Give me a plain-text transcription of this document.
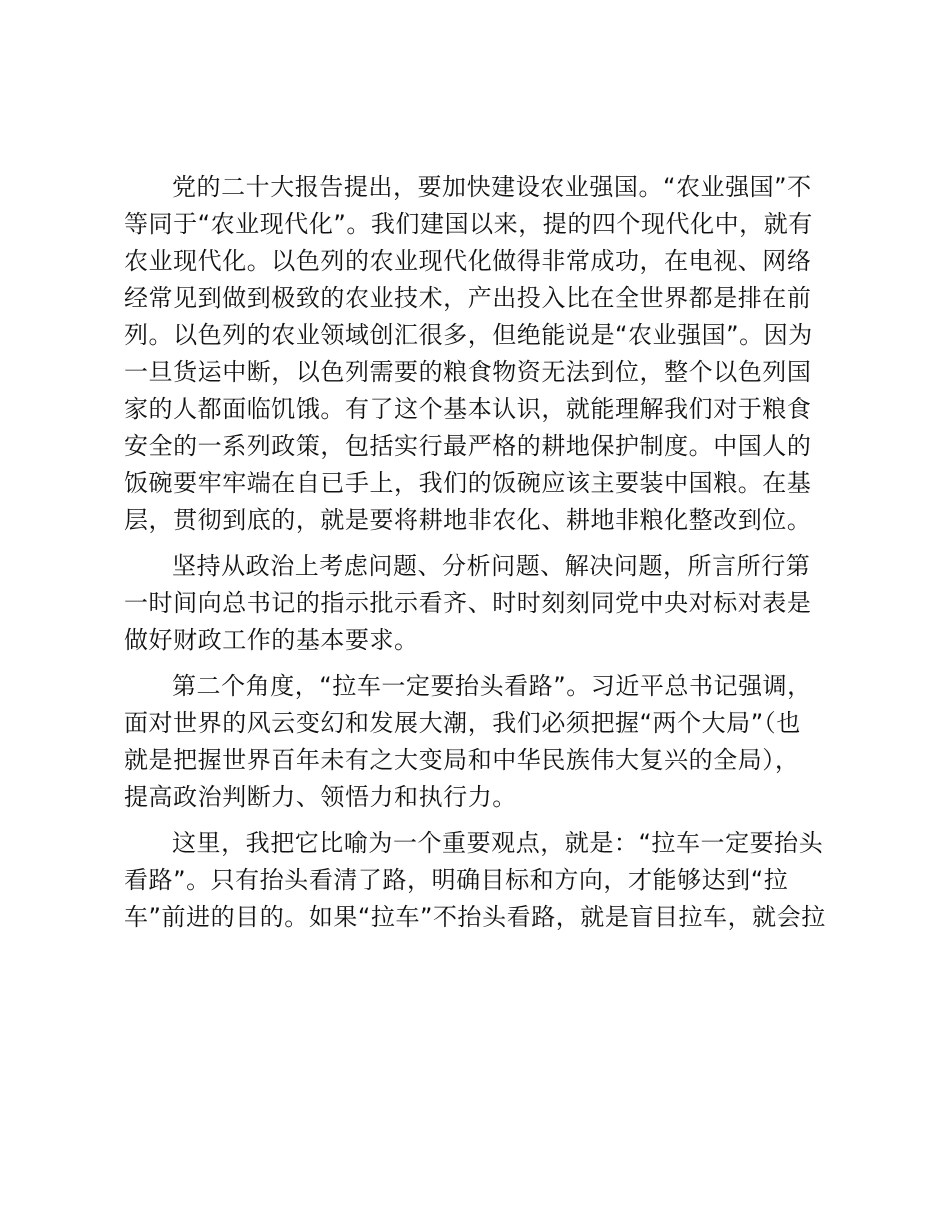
党的二十大报告提出，要加快建设农业强国。“农业强国”不

等同于“农业现代化”。我们建国以来，提的四个现代化中，就有

农业现代化。以色列的农业现代化做得非常成功，在电视、网络

经常见到做到极致的农业技术，产出投入比在全世界都是排在前

列。以色列的农业领域创汇很多，但绝能说是“农业强国”。因为

一旦货运中断，以色列需要的粮食物资无法到位，整个以色列国

家的人都面临饥饿。有了这个基本认识，就能理解我们对于粮食

安全的一系列政策，包括实行最严格的耕地保护制度。中国人的

饭碗要牢牢端在自已手上，我们的饭碗应该主要装中国粮。在基

层，贯彻到底的，就是要将耕地非农化、耕地非粮化整改到位。

坚持从政治上考虑问题、分析问题、解决问题，所言所行第

一时间向总书记的指示批示看齐、时时刻刻同党中央对标对表是

做好财政工作的基本要求。

第二个角度，“拉车一定要抬头看路”。习近平总书记强调，

面对世界的风云变幻和发展大潮，我们必须把握“两个大局”（也

就是把握世界百年未有之大变局和中华民族伟大复兴的全局），

提高政治判断力、领悟力和执行力。

这里，我把它比喻为一个重要观点，就是：“拉车一定要抬头

看路”。只有抬头看清了路，明确目标和方向，才能够达到“拉

车”前进的目的。如果“拉车”不抬头看路，就是盲目拉车，就会拉
